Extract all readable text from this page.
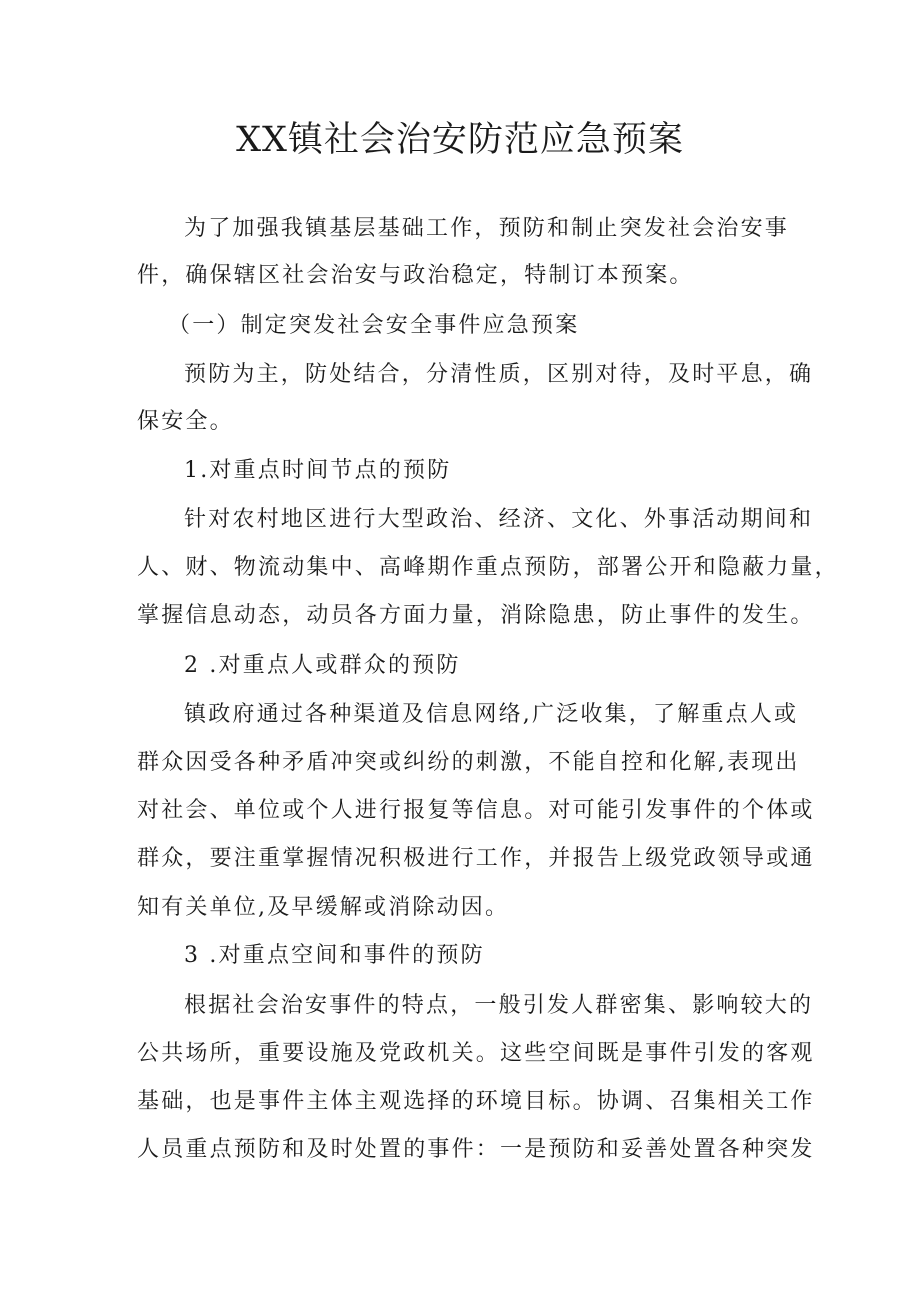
XX镇社会治安防范应急预案
为了加强我镇基层基础工作，预防和制止突发社会治安事
件，确保辖区社会治安与政治稳定，特制订本预案。
（一）制定突发社会安全事件应急预案
预防为主，防处结合，分清性质，区别对待，及时平息，确
保安全。
1.对重点时间节点的预防
针对农村地区进行大型政治、经济、文化、外事活动期间和
人、财、物流动集中、高峰期作重点预防，部署公开和隐蔽力量，
掌握信息动态，动员各方面力量，消除隐患，防止事件的发生。
2 .对重点人或群众的预防
镇政府通过各种渠道及信息网络,广泛收集，了解重点人或
群众因受各种矛盾冲突或纠纷的刺激，不能自控和化解,表现出
对社会、单位或个人进行报复等信息。对可能引发事件的个体或
群众，要注重掌握情况积极进行工作，并报告上级党政领导或通
知有关单位,及早缓解或消除动因。
3 .对重点空间和事件的预防
根据社会治安事件的特点，一般引发人群密集、影响较大的
公共场所，重要设施及党政机关。这些空间既是事件引发的客观
基础，也是事件主体主观选择的环境目标。协调、召集相关工作
人员重点预防和及时处置的事件：一是预防和妥善处置各种突发
